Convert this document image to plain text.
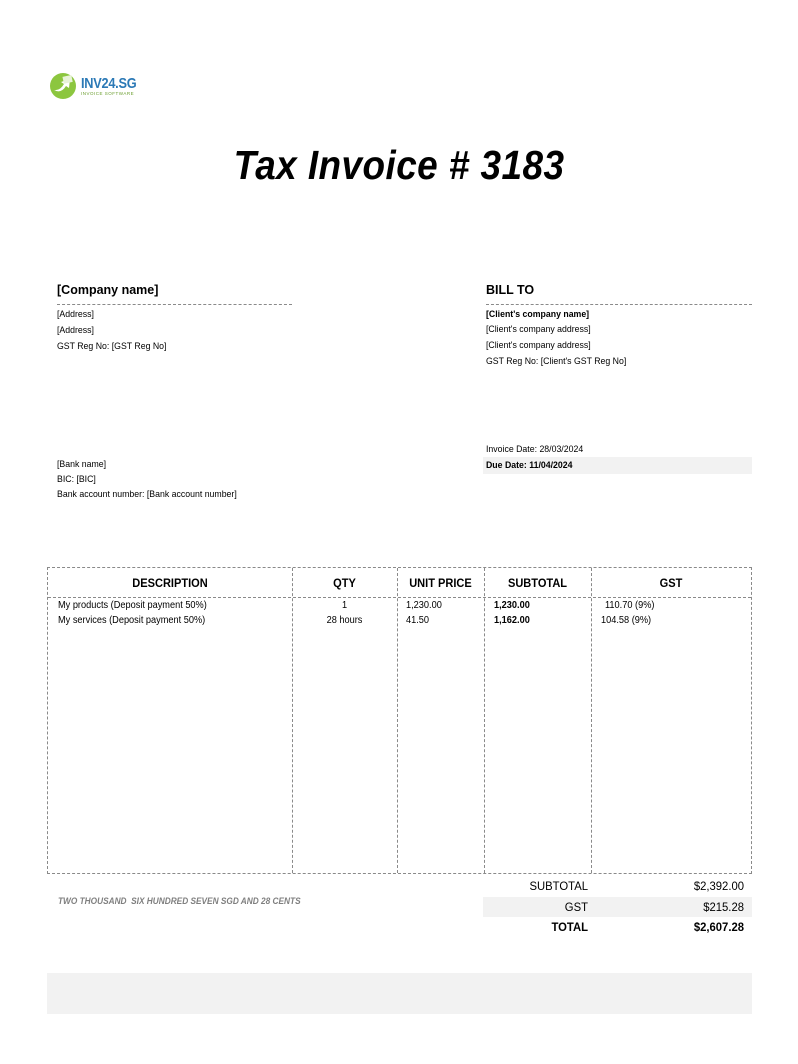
INV24.SG
INVOICE SOFTWARE
Tax Invoice # 3183
[Company name]
[Address]
[Address]
GST Reg No: [GST Reg No]
BILL TO
[Client's company name]
[Client's company address]
[Client's company address]
GST Reg No: [Client's GST Reg No]
Invoice Date: 28/03/2024
Due Date: 11/04/2024
[Bank name]
BIC: [BIC]
Bank account number: [Bank account number]
DESCRIPTION	QTY	UNIT PRICE	SUBTOTAL	GST
My products (Deposit payment 50%)	1	1,230.00	1,230.00	110.70 (9%)
My services (Deposit payment 50%)	28 hours	41.50	1,162.00	104.58 (9%)
TWO THOUSAND  SIX HUNDRED SEVEN SGD AND 28 CENTS
SUBTOTAL	$2,392.00
GST	$215.28
TOTAL	$2,607.28
